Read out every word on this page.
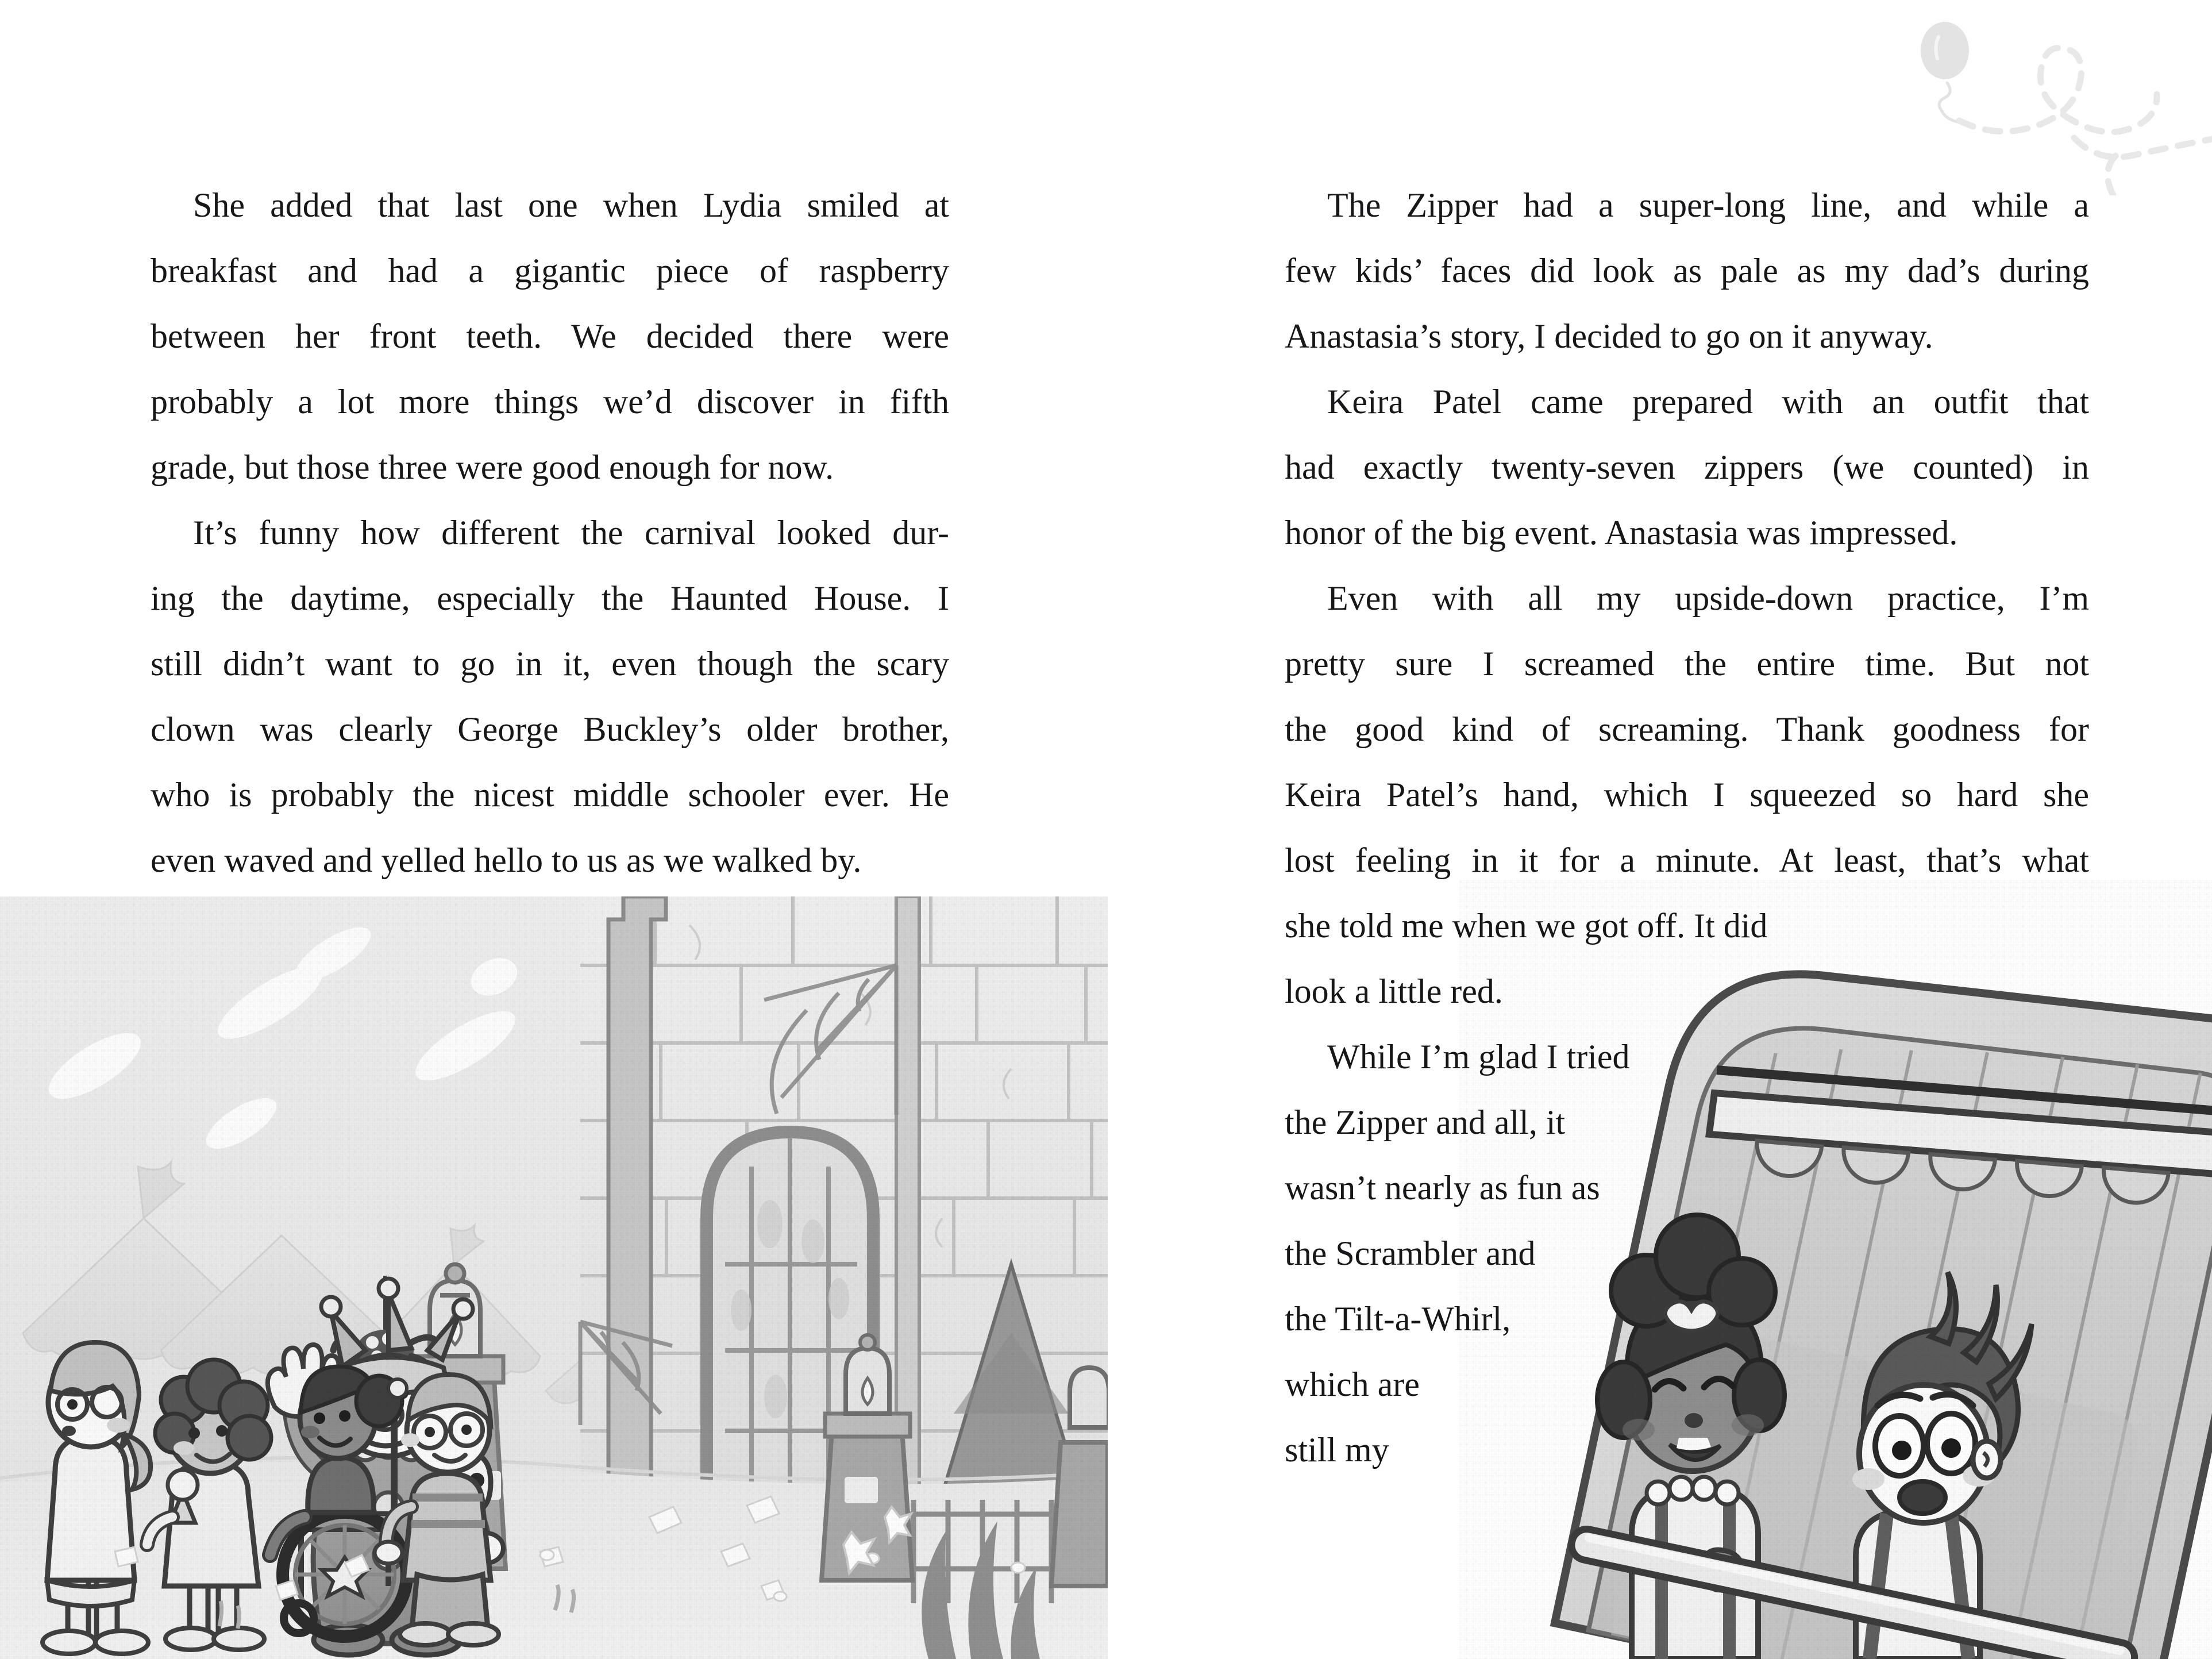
She added that last one when Lydia smiled at
breakfast and had a gigantic piece of raspberry
between her front teeth. We decided there were
probably a lot more things we’d discover in fifth
grade, but those three were good enough for now.
It’s funny how different the carnival looked dur-
ing the daytime, especially the Haunted House. I
still didn’t want to go in it, even though the scary
clown was clearly George Buckley’s older brother,
who is probably the nicest middle schooler ever. He
even waved and yelled hello to us as we walked by.
The Zipper had a super-long line, and while a
few kids’ faces did look as pale as my dad’s during
Anastasia’s story, I decided to go on it anyway.
Keira Patel came prepared with an outfit that
had exactly twenty-seven zippers (we counted) in
honor of the big event. Anastasia was impressed.
Even with all my upside-down practice, I’m
pretty sure I screamed the entire time. But not
the good kind of screaming. Thank goodness for
Keira Patel’s hand, which I squeezed so hard she
lost feeling in it for a minute. At least, that’s what
she told me when we got off. It did
look a little red.
While I’m glad I tried
the Zipper and all, it
wasn’t nearly as fun as
the Scrambler and
the Tilt-a-Whirl,
which are
still my
